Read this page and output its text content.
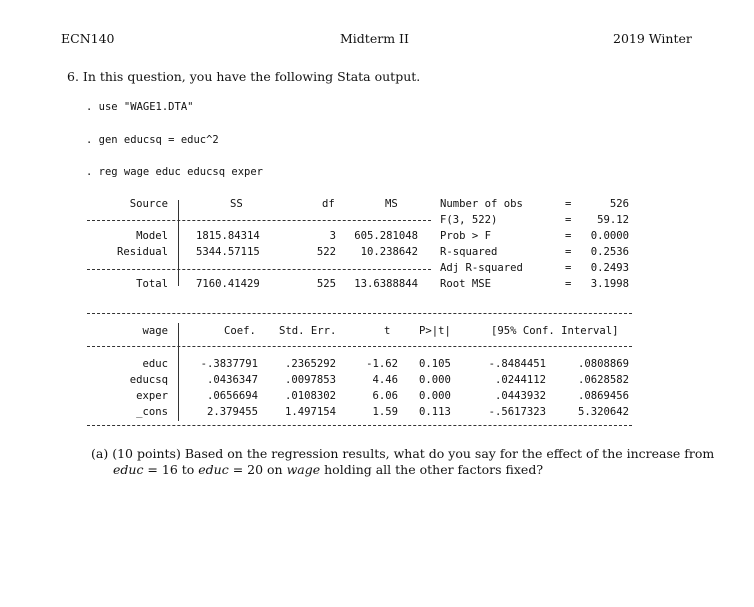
ECN140	Midterm II	2019 Winter
6. In this question, you have the following Stata output.
. use "WAGE1.DTA"
. gen educsq = educ^2
. reg wage educ educsq exper
Source	SS	df	MS
Model	1815.84314	3	605.281048
Residual	5344.57115	522	10.238642
Total	7160.41429	525	13.6388844
Number of obs	=	526
F(3, 522)	=	59.12
Prob > F	=	0.0000
R-squared	=	0.2536
Adj R-squared	=	0.2493
Root MSE	=	3.1998
wage	Coef. Std. Err.	t	P>|t|	[95% Conf. Interval]
educ	-.3837791	.2365292	-1.62 0.105	-.8484451	.0808869
educsq	.0436347	.0097853	4.46 0.000	.0244112	.0628582
exper	.0656694	.0108302	6.06 0.000	.0443932	.0869456
_cons	2.379455	1.497154	1.59 0.113	-.5617323	5.320642
(a) (10 points) Based on the regression results, what do you say for the effect of the increase from
educ = 16 to educ = 20 on wage holding all the other factors fixed?
